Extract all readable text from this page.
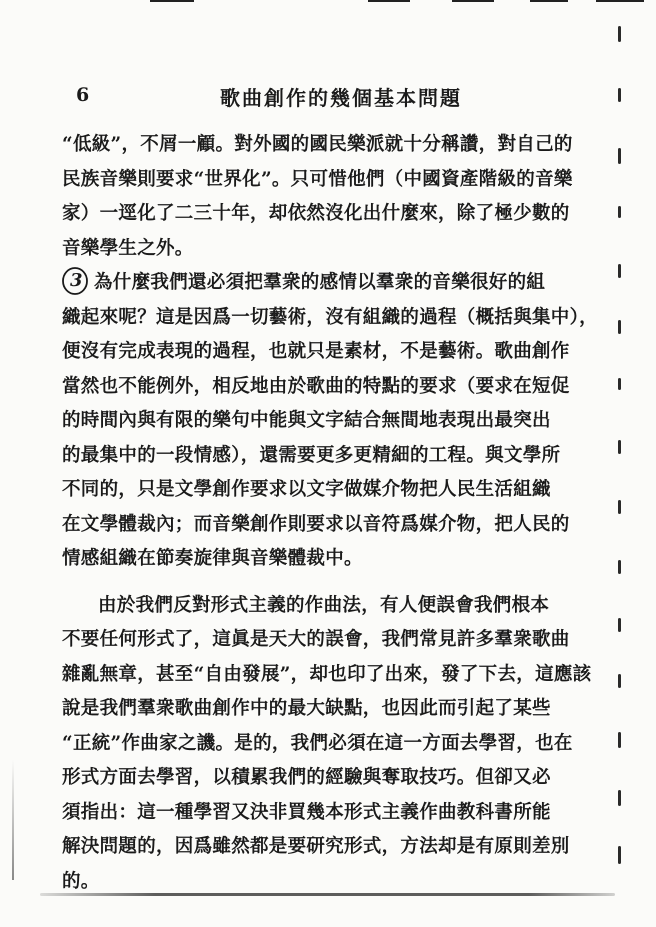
6	歌曲創作的幾個基本問題
“低級”，不屑一顧。對外國的國民樂派就十分稱讚，對自己的
民族音樂則要求“世界化”。只可惜他們（中國資產階級的音樂
家）一逕化了二三十年，却依然沒化出什麼來，除了極少數的
音樂學生之外。
3 為什麼我們還必須把羣衆的感情以羣衆的音樂很好的組
織起來呢？這是因爲一切藝術，沒有組織的過程（概括與集中），
便沒有完成表現的過程，也就只是素材，不是藝術。歌曲創作
當然也不能例外，相反地由於歌曲的特點的要求（要求在短促
的時間內與有限的樂句中能與文字結合無間地表現出最突出
的最集中的一段情感），還需要更多更精細的工程。與文學所
不同的，只是文學創作要求以文字做媒介物把人民生活組織
在文學體裁內；而音樂創作則要求以音符爲媒介物，把人民的
情感組織在節奏旋律與音樂體裁中。
由於我們反對形式主義的作曲法，有人便誤會我們根本
不要任何形式了，這眞是天大的誤會，我們常見許多羣衆歌曲
雜亂無章，甚至“自由發展”，却也印了出來，發了下去，這應該
說是我們羣衆歌曲創作中的最大缺點，也因此而引起了某些
“正統”作曲家之譏。是的，我們必須在這一方面去學習，也在
形式方面去學習，以積累我們的經驗與奪取技巧。但卻又必
須指出：這一種學習又決非買幾本形式主義作曲教科書所能
解決問題的，因爲雖然都是要研究形式，方法却是有原則差別
的。
